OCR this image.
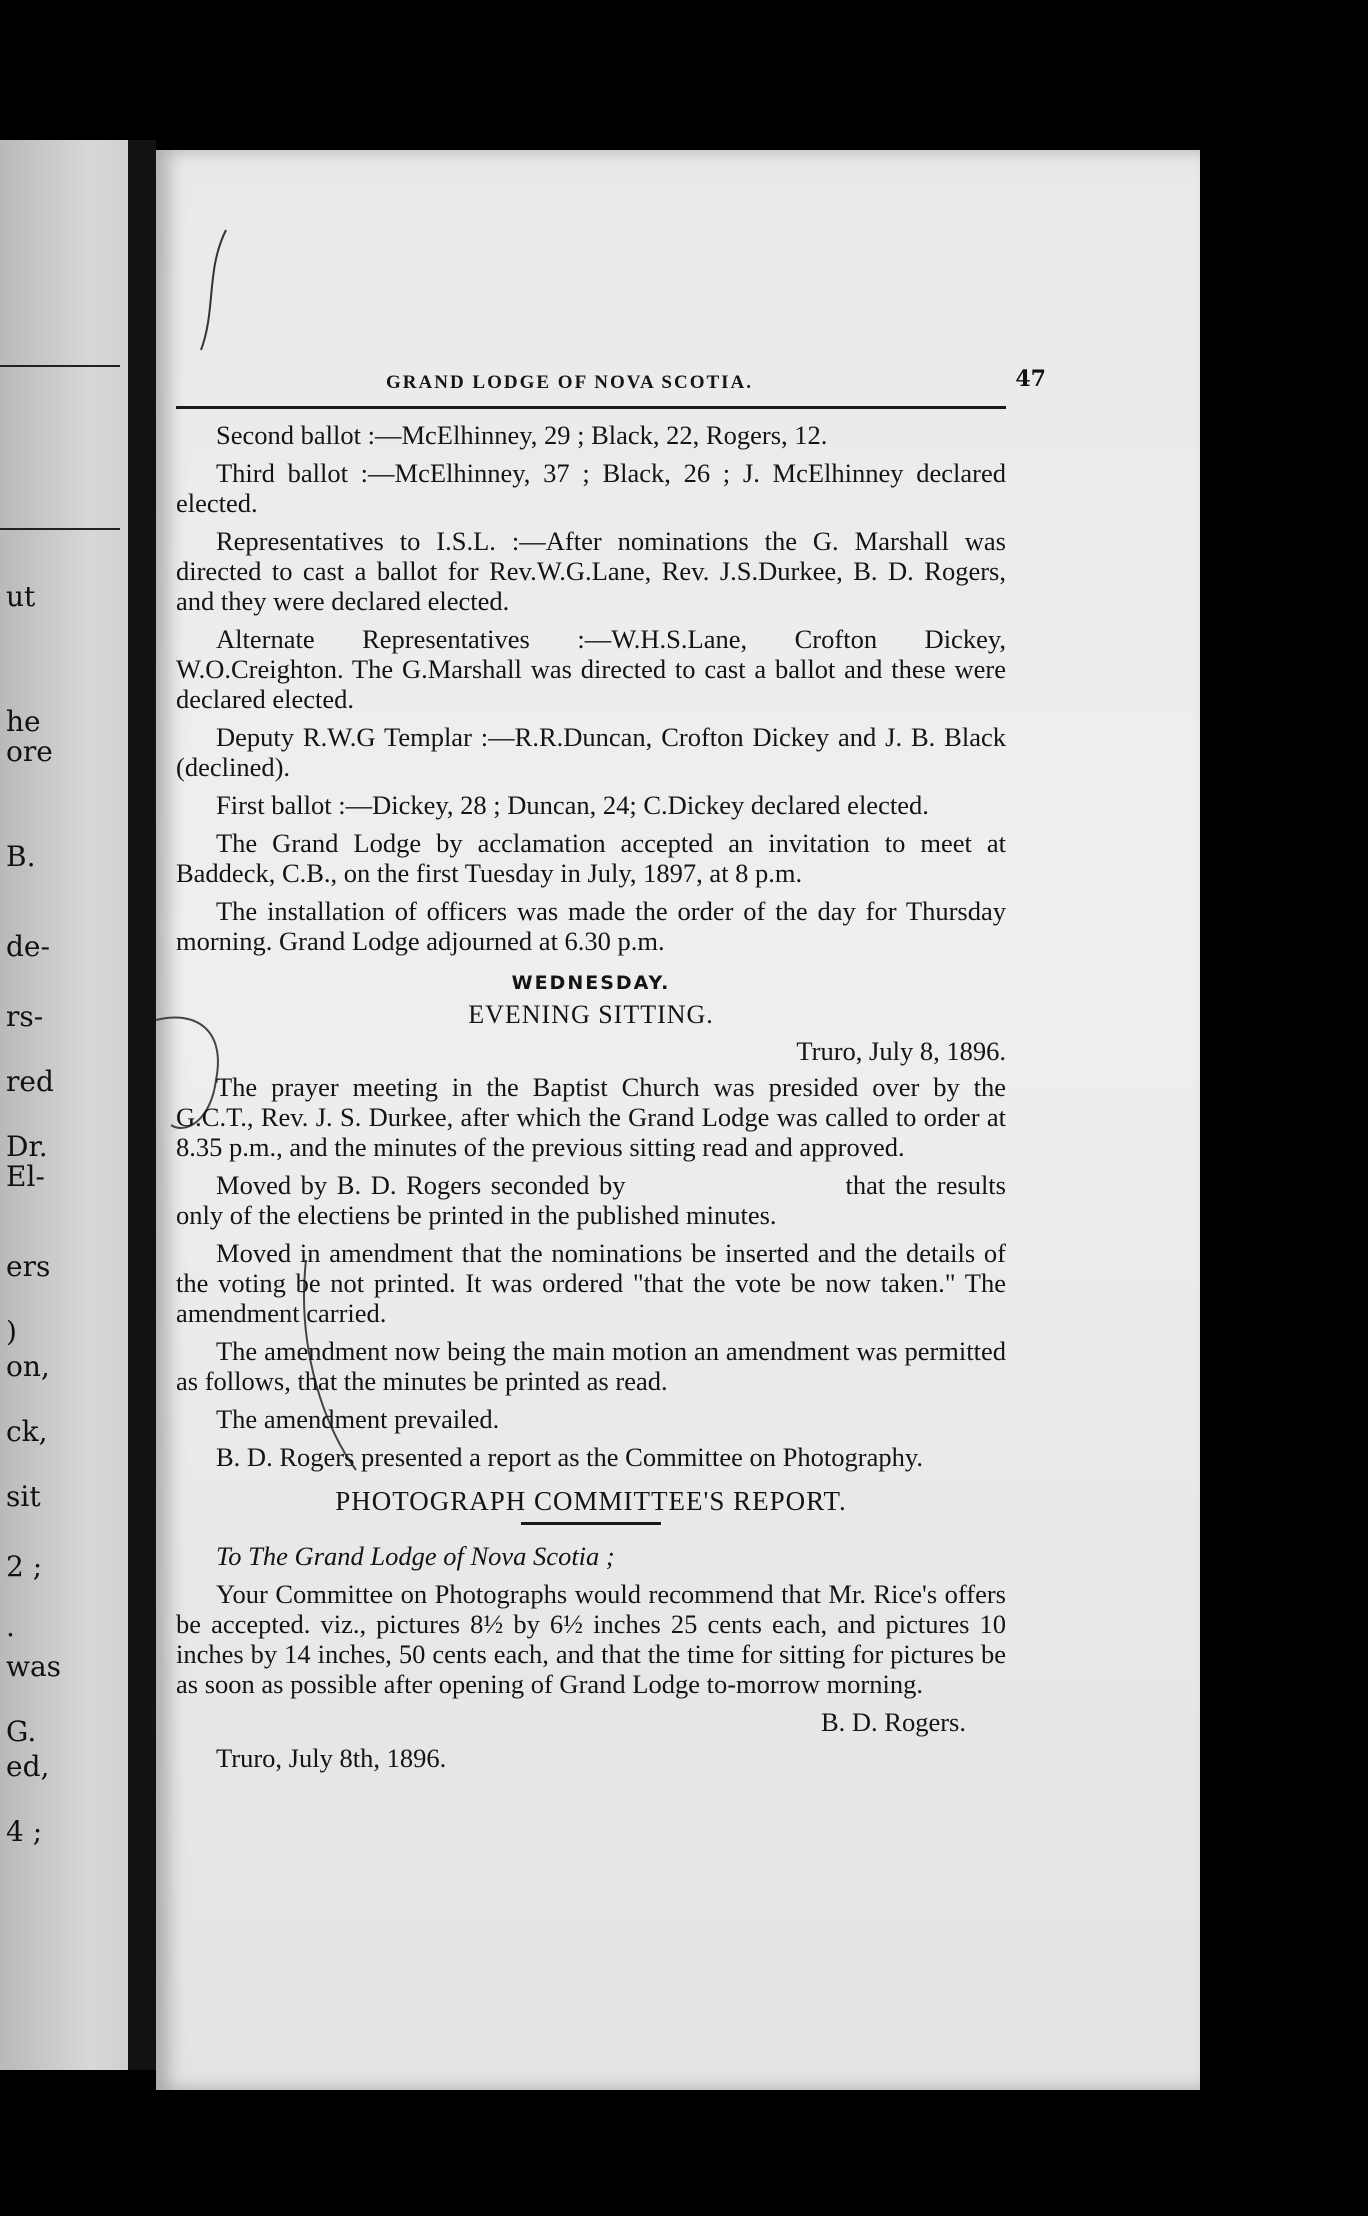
ut
he
ore
B.
de-
rs-
red
Dr.
El-
ers
)
on,
ck,
sit
2 ;
.
was
G.
ed,
4 ;
GRAND LODGE OF NOVA SCOTIA.	47

Second ballot :—McElhinney, 29 ; Black, 22, Rogers, 12.

Third ballot :—McElhinney, 37 ; Black, 26 ; J. McElhinney declared elected.

Representatives to I.S.L. :—After nominations the G. Marshall was directed to cast a ballot for Rev.W.G.Lane, Rev. J.S.Durkee, B. D. Rogers, and they were declared elected.

Alternate Representatives :—W.H.S.Lane, Crofton Dickey, W.O.Creighton. The G.Marshall was directed to cast a ballot and these were declared elected.

Deputy R.W.G Templar :—R.R.Duncan, Crofton Dickey and J. B. Black (declined).

First ballot :—Dickey, 28 ; Duncan, 24; C.Dickey declared elected.

The Grand Lodge by acclamation accepted an invitation to meet at Baddeck, C.B., on the first Tuesday in July, 1897, at 8 p.m.

The installation of officers was made the order of the day for Thursday morning. Grand Lodge adjourned at 6.30 p.m.

WEDNESDAY.
EVENING SITTING.
Truro, July 8, 1896.

The prayer meeting in the Baptist Church was presided over by the G.C.T., Rev. J. S. Durkee, after which the Grand Lodge was called to order at 8.35 p.m., and the minutes of the previous sitting read and approved.

Moved by B. D. Rogers seconded by	that the results only of the electiens be printed in the published minutes.

Moved in amendment that the nominations be inserted and the details of the voting be not printed. It was ordered "that the vote be now taken." The amendment carried.

The amendment now being the main motion an amendment was permitted as follows, that the minutes be printed as read.

The amendment prevailed.

B. D. Rogers presented a report as the Committee on Photography.

PHOTOGRAPH COMMITTEE'S REPORT.

To The Grand Lodge of Nova Scotia ;

Your Committee on Photographs would recommend that Mr. Rice's offers be accepted. viz., pictures 8½ by 6½ inches 25 cents each, and pictures 10 inches by 14 inches, 50 cents each, and that the time for sitting for pictures be as soon as possible after opening of Grand Lodge to-morrow morning.

B. D. Rogers.

Truro, July 8th, 1896.
